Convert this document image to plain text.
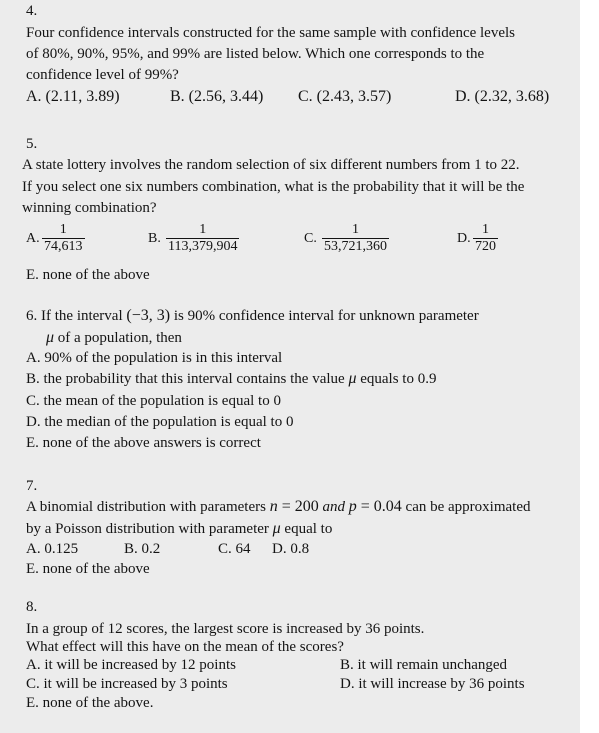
4.
Four confidence intervals constructed for the same sample with confidence levels
of 80%, 90%, 95%, and 99% are listed below. Which one corresponds to the
confidence level of 99%?
A. (2.11, 3.89)	B. (2.56, 3.44) C. (2.43, 3.57)	D. (2.32, 3.68)
5.
A state lottery involves the random selection of six different numbers from 1 to 22.
If you select one six numbers combination, what is the probability that it will be the
winning combination?
A. $\frac{1}{74,613}$	B. $\frac{1}{113,379,904}$	C. $\frac{1}{53,721,360}$	D. $\frac{1}{720}$
E. none of the above
6. If the interval (−3, 3) is 90% confidence interval for unknown parameter
μ of a population, then
A. 90% of the population is in this interval
B. the probability that this interval contains the value μ equals to 0.9
C. the mean of the population is equal to 0
D. the median of the population is equal to 0
E. none of the above answers is correct
7.
A binomial distribution with parameters n = 200 and p = 0.04 can be approximated
by a Poisson distribution with parameter μ equal to
A. 0.125	B. 0.2	C. 64 D. 0.8
E. none of the above
8.
In a group of 12 scores, the largest score is increased by 36 points.
What effect will this have on the mean of the scores?
A. it will be increased by 12 points	B. it will remain unchanged
C. it will be increased by 3 points	D. it will increase by 36 points
E. none of the above.
